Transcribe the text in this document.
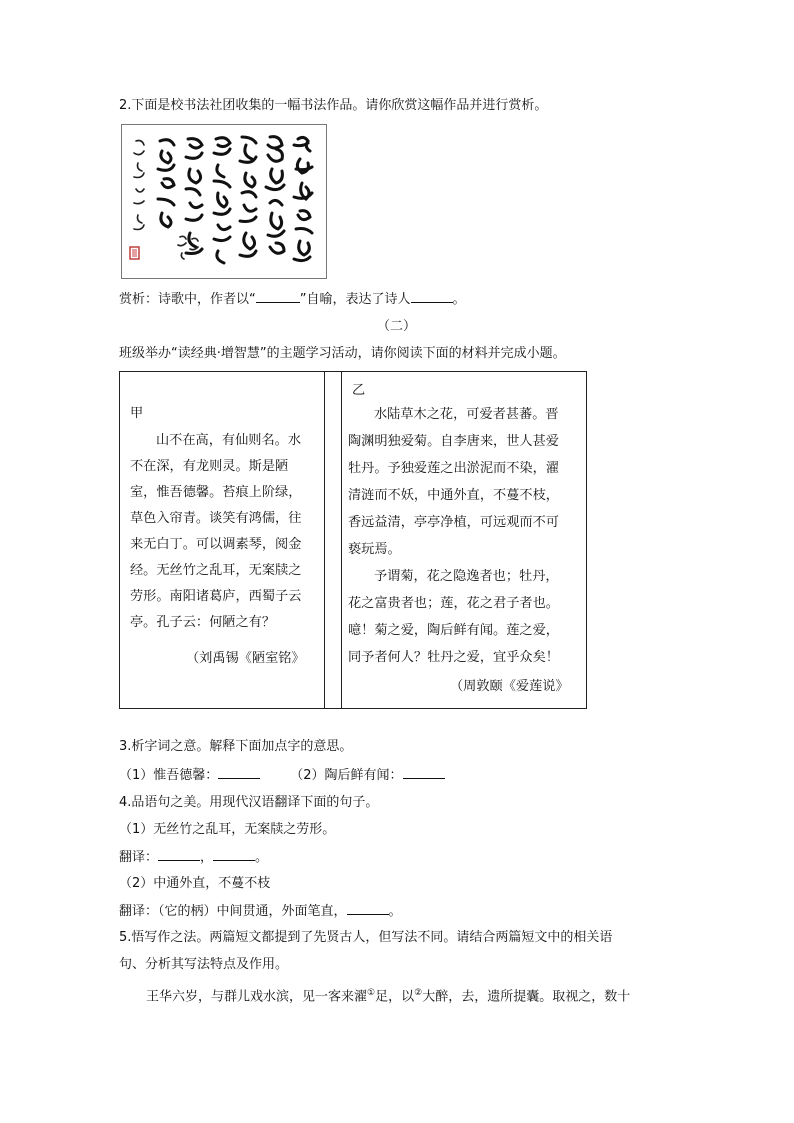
2.下面是校书法社团收集的一幅书法作品。请你欣赏这幅作品并进行赏析。
赏析：诗歌中，作者以“	”自喻，表达了诗人	。
（二）
班级举办“读经典·增智慧”的主题学习活动，请你阅读下面的材料并完成小题。
甲
山不在高，有仙则名。水
不在深，有龙则灵。斯是陋
室，惟吾德馨。苔痕上阶绿，
草色入帘青。谈笑有鸿儒，往
来无白丁。可以调素琴，阅金
经。无丝竹之乱耳，无案牍之
劳形。南阳诸葛庐，西蜀子云
亭。孔子云：何陋之有？
（刘禹锡《陋室铭》
乙
水陆草木之花，可爱者甚蕃。晋
陶渊明独爱菊。自李唐来，世人甚爱
牡丹。予独爱莲之出淤泥而不染，濯
清涟而不妖，中通外直，不蔓不枝，
香远益清，亭亭净植，可远观而不可
亵玩焉。
予谓菊，花之隐逸者也；牡丹，
花之富贵者也；莲，花之君子者也。
噫！菊之爱，陶后鲜有闻。莲之爱，
同予者何人？牡丹之爱，宜乎众矣！
（周敦颐《爱莲说》
3.析字词之意。解释下面加点字的意思。
（1）惟吾德馨：	（2）陶后鲜有闻：
4.品语句之美。用现代汉语翻译下面的句子。
（1）无丝竹之乱耳，无案牍之劳形。
翻译：	，	。
（2）中通外直，不蔓不枝
翻译：（它的柄）中间贯通，外面笔直，	。
5.悟写作之法。两篇短文都提到了先贤古人，但写法不同。请结合两篇短文中的相关语
句、分析其写法特点及作用。
王华六岁，与群儿戏水滨，见一客来濯①足，以②大醉，去，遗所提囊。取视之，数十
